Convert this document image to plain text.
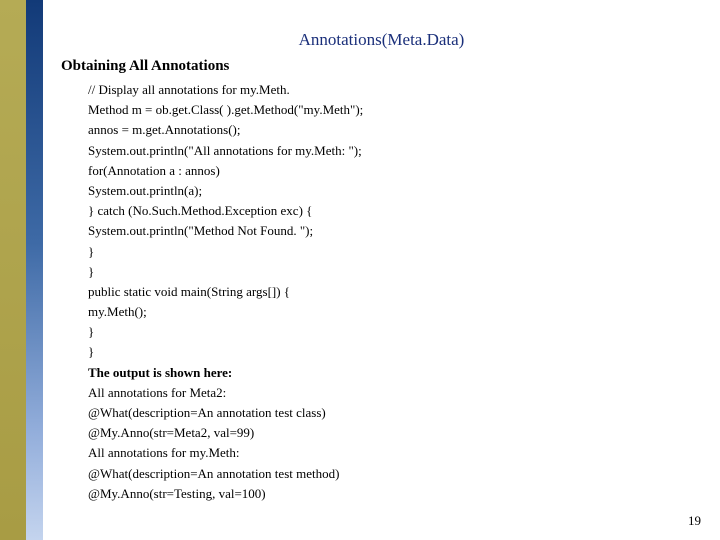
Annotations(Meta.Data)
Obtaining All Annotations
// Display all annotations for my.Meth.
Method m = ob.get.Class( ).get.Method("my.Meth");
annos = m.get.Annotations();
System.out.println("All annotations for my.Meth: ");
for(Annotation a : annos)
System.out.println(a);
} catch (No.Such.Method.Exception exc) {
System.out.println("Method Not Found. ");
}
}
public static void main(String args[]) {
my.Meth();
}
}
The output is shown here:
All annotations for Meta2:
@What(description=An annotation test class)
@My.Anno(str=Meta2, val=99)
All annotations for my.Meth:
@What(description=An annotation test method)
@My.Anno(str=Testing, val=100)
19
